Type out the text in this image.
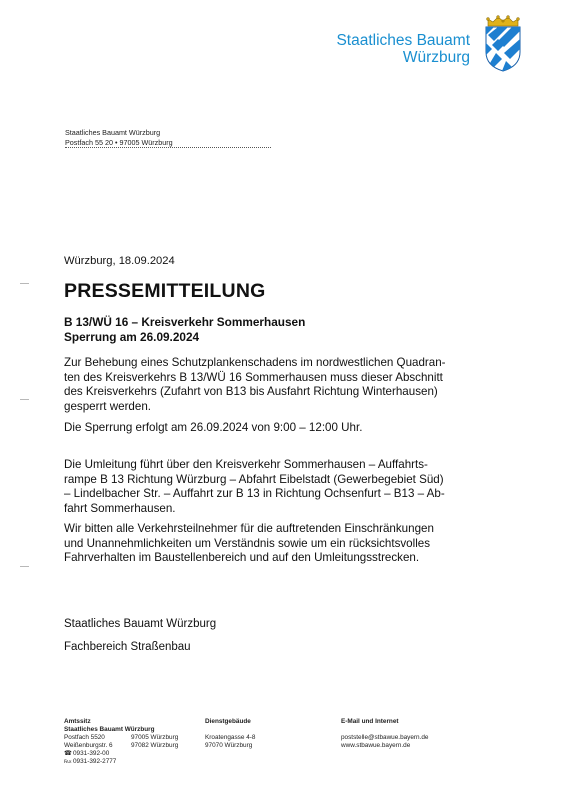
Staatliches Bauamt
Würzburg
Staatliches Bauamt Würzburg
Postfach 55 20 • 97005 Würzburg
Würzburg, 18.09.2024
PRESSEMITTEILUNG
B 13/WÜ 16 – Kreisverkehr Sommerhausen
Sperrung am 26.09.2024
Zur Behebung eines Schutzplankenschadens im nordwestlichen Quadran-
ten des Kreisverkehrs B 13/WÜ 16 Sommerhausen muss dieser Abschnitt
des Kreisverkehrs (Zufahrt von B13 bis Ausfahrt Richtung Winterhausen)
gesperrt werden.
Die Sperrung erfolgt am 26.09.2024 von 9:00 – 12:00 Uhr.
Die Umleitung führt über den Kreisverkehr Sommerhausen – Auffahrts-
rampe B 13 Richtung Würzburg – Abfahrt Eibelstadt (Gewerbegebiet Süd)
– Lindelbacher Str. – Auffahrt zur B 13 in Richtung Ochsenfurt – B13 – Ab-
fahrt Sommerhausen.
Wir bitten alle Verkehrsteilnehmer für die auftretenden Einschränkungen
und Unannehmlichkeiten um Verständnis sowie um ein rücksichtsvolles
Fahrverhalten im Baustellenbereich und auf den Umleitungsstrecken.
Staatliches Bauamt Würzburg
Fachbereich Straßenbau
Amtssitz
Staatliches Bauamt Würzburg
Postfach 5520	97005 Würzburg
Weißenburgstr. 6	97082 Würzburg
☎0931-392-00
℻0931-392-2777
Dienstgebäude
Kroatengasse 4-8
97070 Würzburg
E-Mail und Internet
poststelle@stbawue.bayern.de
www.stbawue.bayern.de
